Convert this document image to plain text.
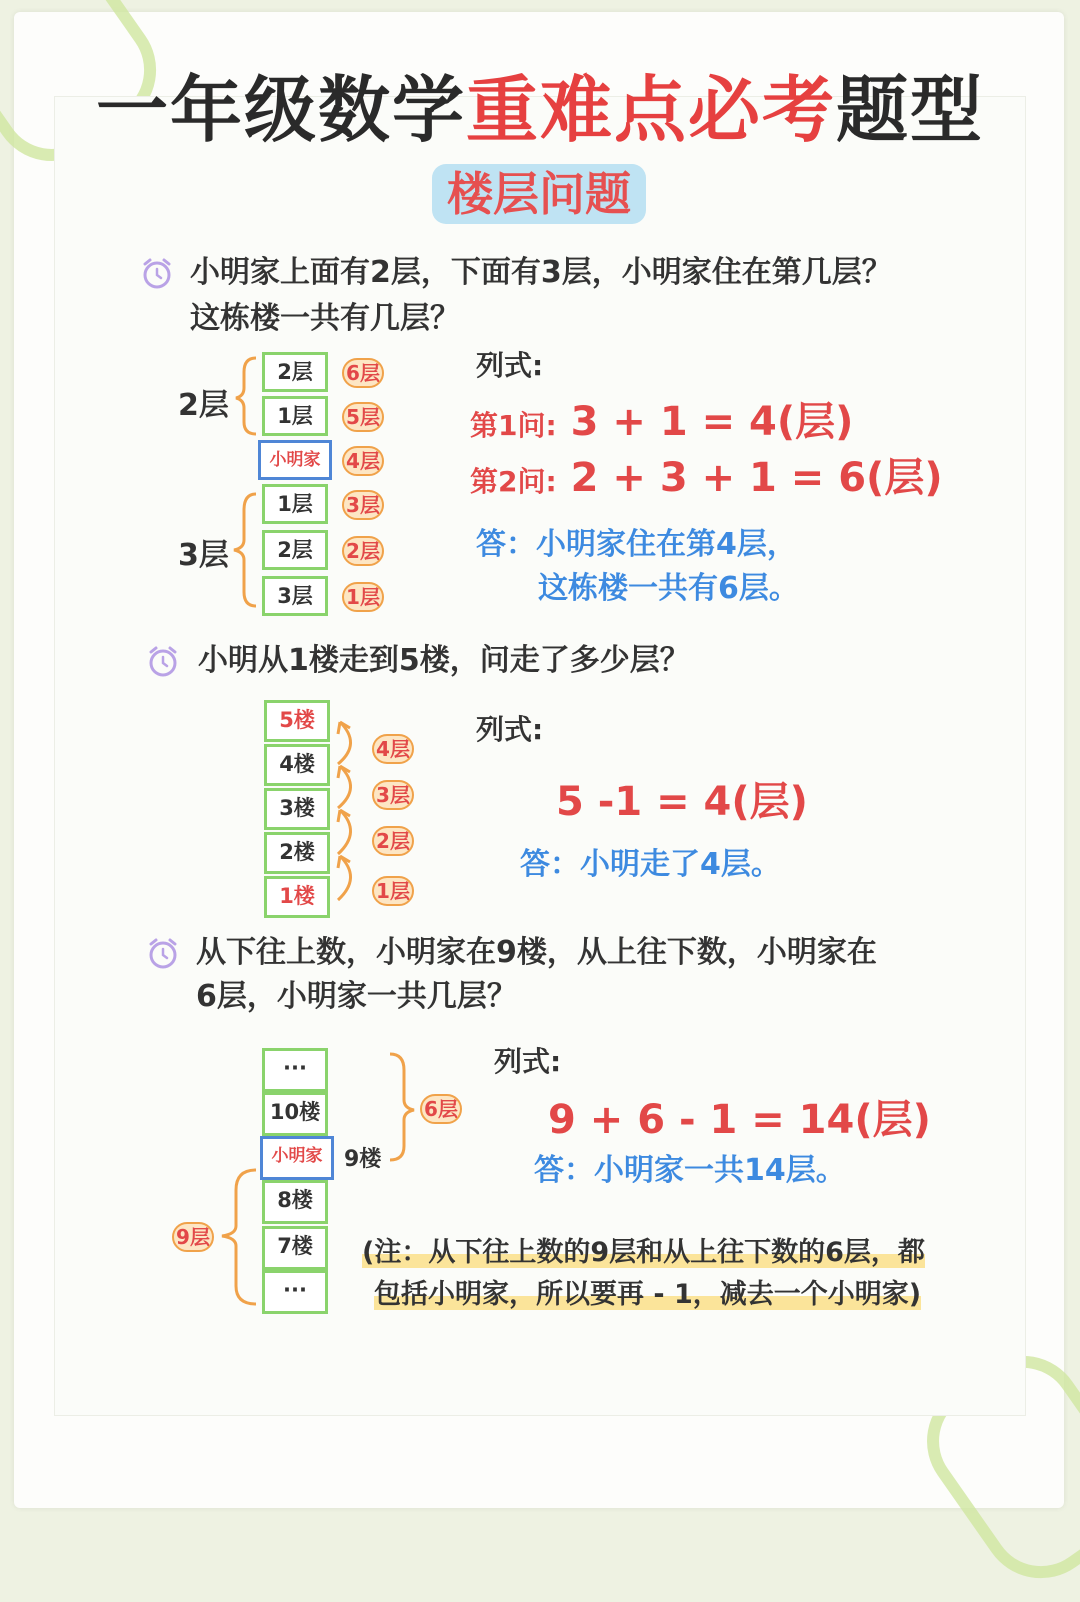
一年级数学重难点必考题型
楼层问题
小明家上面有2层，下面有3层，小明家住在第几层？
这栋楼一共有几层？
2层
3层
2层
1层
小明家
1层
2层
3层
6层
5层
4层
3层
2层
1层
列式:
第1问: 3 + 1 = 4(层)
第2问: 2 + 3 + 1 = 6(层)
答：小明家住在第4层，
这栋楼一共有6层。
小明从1楼走到5楼，问走了多少层？
5楼
4楼
3楼
2楼
1楼
4层
3层
2层
1层
列式:
5 -1 = 4(层)
答：小明走了4层。
从下往上数，小明家在9楼，从上往下数，小明家在
6层，小明家一共几层？
···
10楼
小明家
8楼
7楼
···
9楼
6层
9层
列式:
9 + 6 - 1 = 14(层)
答：小明家一共14层。
(注：从下往上数的9层和从上往下数的6层，都
包括小明家，所以要再 - 1，减去一个小明家)
